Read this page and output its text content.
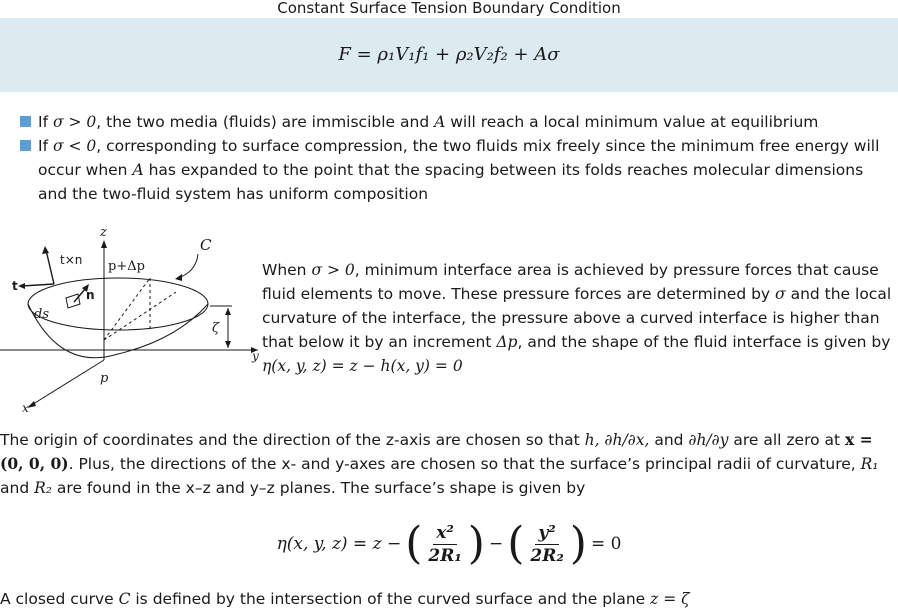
Constant Surface Tension Boundary Condition
F = ρ₁V₁f₁ + ρ₂V₂f₂ + Aσ
If σ > 0, the two media (fluids) are immiscible and A will reach a local minimum value at equilibrium
If σ < 0, corresponding to surface compression, the two fluids mix freely since the minimum free energy will occur when A has expanded to the point that the spacing between its folds reaches molecular dimensions and the two-fluid system has uniform composition
z
C
t×n p+Δp
t
n
ds
ζ
y
p
x
When σ > 0, minimum interface area is achieved by pressure forces that cause fluid elements to move. These pressure forces are determined by σ and the local curvature of the interface, the pressure above a curved interface is higher than that below it by an increment Δp, and the shape of the fluid interface is given by
η(x, y, z) = z − h(x, y) = 0
The origin of coordinates and the direction of the z-axis are chosen so that h, ∂h/∂x, and ∂h/∂y are all zero at x = (0, 0, 0). Plus, the directions of the x- and y-axes are chosen so that the surface’s principal radii of curvature, R₁ and R₂ are found in the x–z and y–z planes. The surface’s shape is given by
η(x, y, z) = z − ( $\frac{\text{x²}}{\text{2R₁}}$ ) − ( $\frac{\text{y²}}{\text{2R₂}}$ ) = 0
A closed curve C is defined by the intersection of the curved surface and the plane z = ζ
